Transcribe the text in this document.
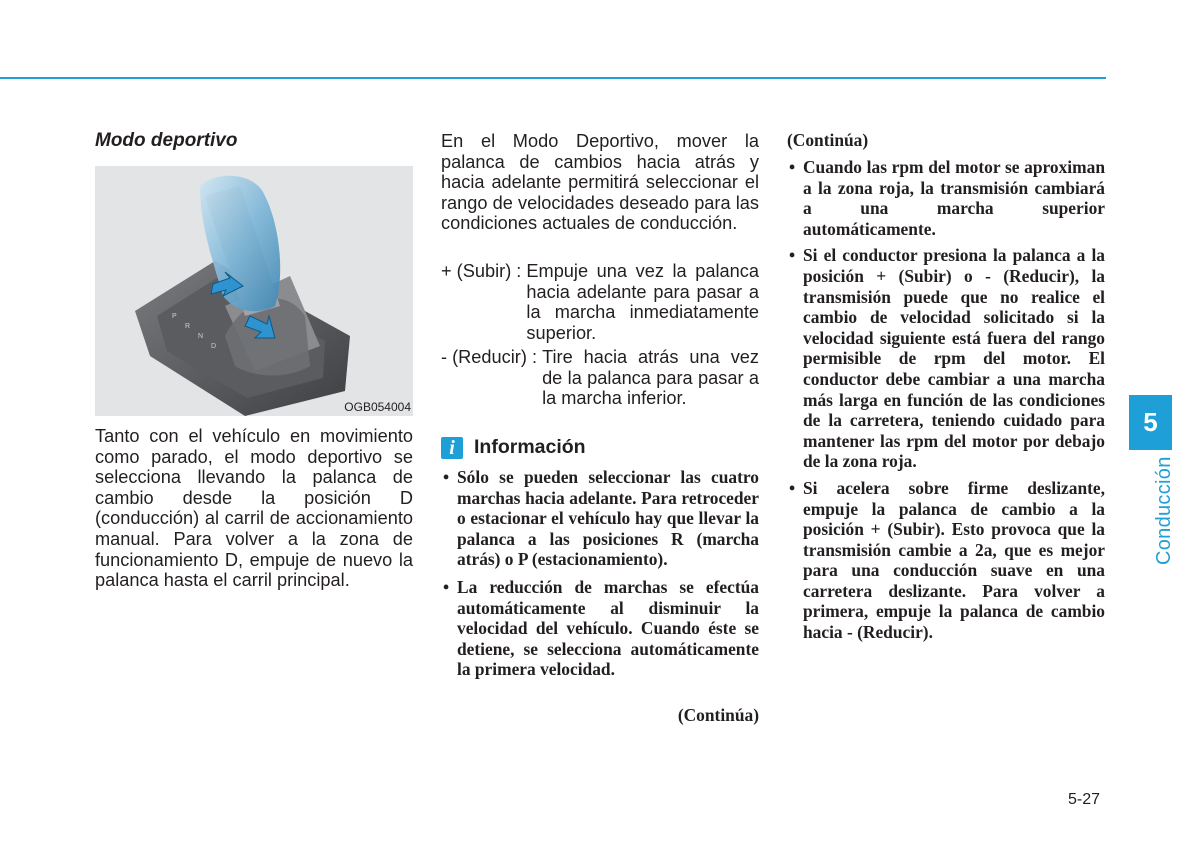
Modo deportivo
P
R
N
D
OGB054004

Tanto con el vehículo en movimiento como parado, el modo deportivo se selecciona llevando la palanca de cambio desde la posición D (conducción) al carril de accionamiento manual. Para volver a la zona de funcionamiento D, empuje de nuevo la palanca hasta el carril principal.

En el Modo Deportivo, mover la palanca de cambios hacia atrás y hacia adelante permitirá seleccionar el rango de velocidades deseado para las condiciones actuales de conducción.

+ (Subir) : Empuje una vez la palanca hacia adelante para pasar a la marcha inmediatamente superior.
- (Reducir) : Tire hacia atrás una vez de la palanca para pasar a la marcha inferior.
i Información
• Sólo se pueden seleccionar las cuatro marchas hacia adelante. Para retroceder o estacionar el vehículo hay que llevar la palanca a las posiciones R (marcha atrás) o P (estacionamiento).
• La reducción de marchas se efectúa automáticamente al disminuir la velocidad del vehículo. Cuando éste se detiene, se selecciona automáticamente la primera velocidad.
(Continúa)
(Continúa)
• Cuando las rpm del motor se aproximan a la zona roja, la transmisión cambiará a una marcha superior automáticamente.
• Si el conductor presiona la palanca a la posición + (Subir) o - (Reducir), la transmisión puede que no realice el cambio de velocidad solicitado si la velocidad siguiente está fuera del rango permisible de rpm del motor. El conductor debe cambiar a una marcha más larga en función de las condiciones de la carretera, teniendo cuidado para mantener las rpm del motor por debajo de la zona roja.
• Si acelera sobre firme deslizante, empuje la palanca de cambio a la posición + (Subir). Esto provoca que la transmisión cambie a 2a, que es mejor para una conducción suave en una carretera deslizante. Para volver a primera, empuje la palanca de cambio hacia - (Reducir).
5
Conducción
5-27
